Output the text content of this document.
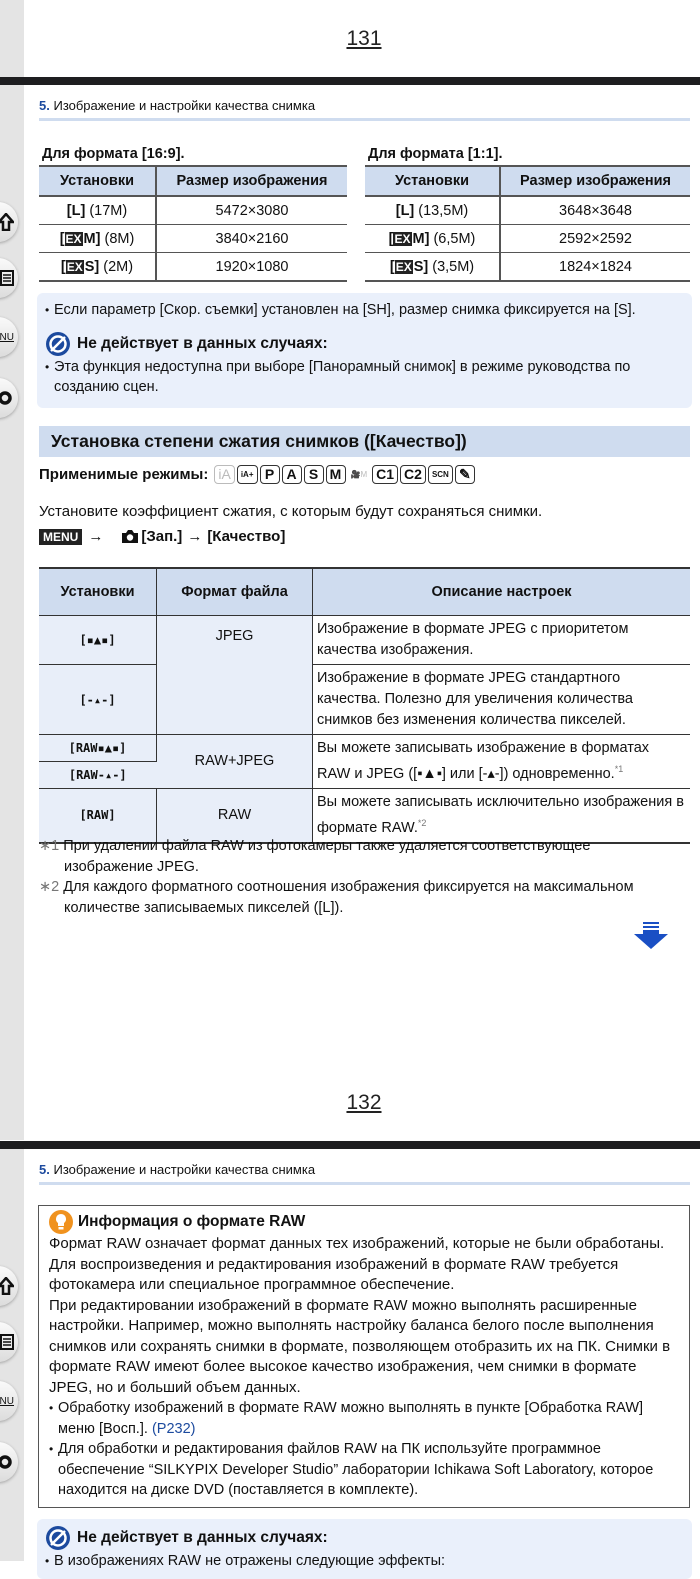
131
NU
5. Изображение и настройки качества снимка
Для формата [16:9].
Установки	Размер изображения
[L] (17M)	5472×3080
[EX M] (8M)	3840×2160
[EX S] (2M)	1920×1080
Для формата [1:1].
Установки	Размер изображения
[L] (13,5M)	3648×3648
[EX M] (6,5M)	2592×2592
[EX S] (3,5M)	1824×1824
• Если параметр [Скор. съемки] установлен на [SH], размер снимка фиксируется на [S].
Не действует в данных случаях:
• Эта функция недоступна при выборе [Панорамный снимок] в режиме руководства по созданию сцен.
Установка степени сжатия снимков ([Качество])
Применимые режимы: iA	iA+ P A S M	🎥M C1 C2	SCN ✎
Установите коэффициент сжатия, с которым будут сохраняться снимки.
MENU →	[Зап.] → [Качество]
Установки	Формат файла	Описание настроек
[▪▲▪]	JPEG	Изображение в формате JPEG с приоритетом качества изображения.
[-▴-]		Изображение в формате JPEG стандартного качества. Полезно для увеличения количества снимков без изменения количества пикселей.
[RAW▪▲▪]	RAW+JPEG	Вы можете записывать изображение в форматах RAW и JPEG ([▪▲▪] или [-▴-]) одновременно.$^{*1}$
[RAW-▴-]		
[RAW]	RAW	Вы можете записывать исключительно изображения в формате RAW.$^{*2}$
∗1 При удалении файла RAW из фотокамеры также удаляется соответствующее изображение JPEG.
∗2 Для каждого форматного соотношения изображения фиксируется на максимальном количестве записываемых пикселей ([L]).
132
NU
5. Изображение и настройки качества снимка
Информация о формате RAW
Формат RAW означает формат данных тех изображений, которые не были обработаны. Для воспроизведения и редактирования изображений в формате RAW требуется фотокамера или специальное программное обеспечение.
При редактировании изображений в формате RAW можно выполнять расширенные настройки. Например, можно выполнять настройку баланса белого после выполнения снимков или сохранять снимки в формате, позволяющем отобразить их на ПК. Снимки в формате RAW имеют более высокое качество изображения, чем снимки в формате JPEG, но и больший объем данных.
• Обработку изображений в формате RAW можно выполнять в пункте [Обработка RAW] меню [Восп.]. (P232)
• Для обработки и редактирования файлов RAW на ПК используйте программное обеспечение “SILKYPIX Developer Studio” лаборатории Ichikawa Soft Laboratory, которое находится на диске DVD (поставляется в комплекте).
Не действует в данных случаях:
• В изображениях RAW не отражены следующие эффекты:
